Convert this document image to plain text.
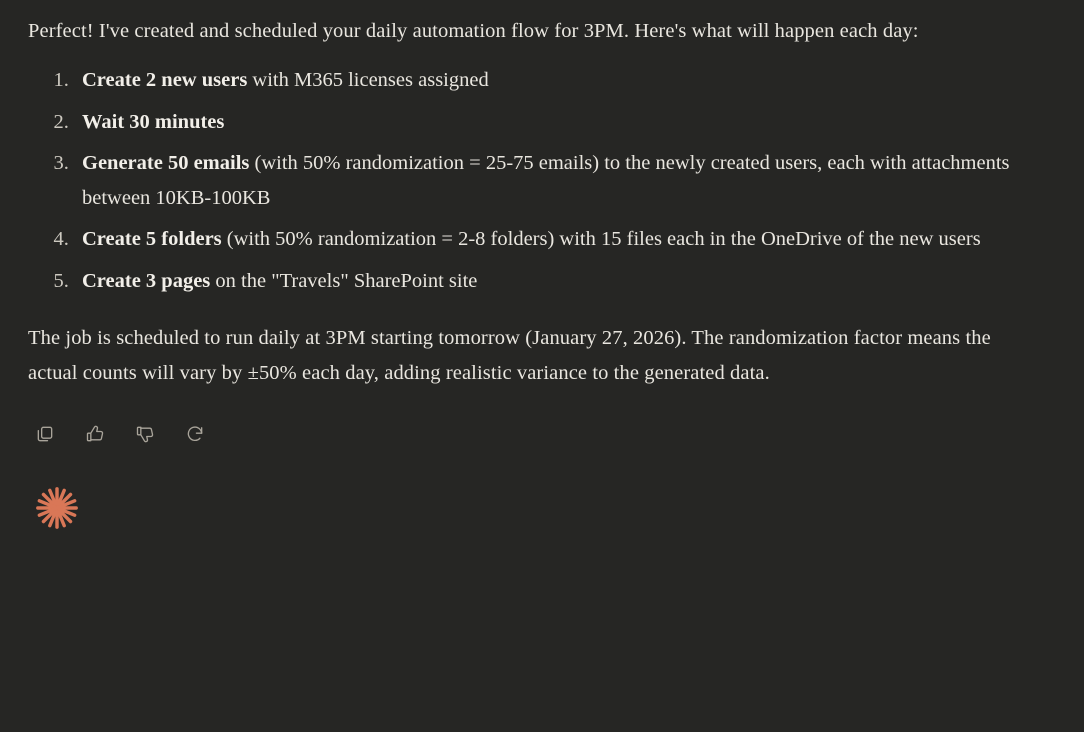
Perfect! I've created and scheduled your daily automation flow for 3PM. Here's what will happen each day:

1. Create 2 new users with M365 licenses assigned
2. Wait 30 minutes
3. Generate 50 emails (with 50% randomization = 25-75 emails) to the newly created users, each with attachments between 10KB-100KB
4. Create 5 folders (with 50% randomization = 2-8 folders) with 15 files each in the OneDrive of the new users
5. Create 3 pages on the "Travels" SharePoint site

The job is scheduled to run daily at 3PM starting tomorrow (January 27, 2026). The randomization factor means the actual counts will vary by ±50% each day, adding realistic variance to the generated data.
